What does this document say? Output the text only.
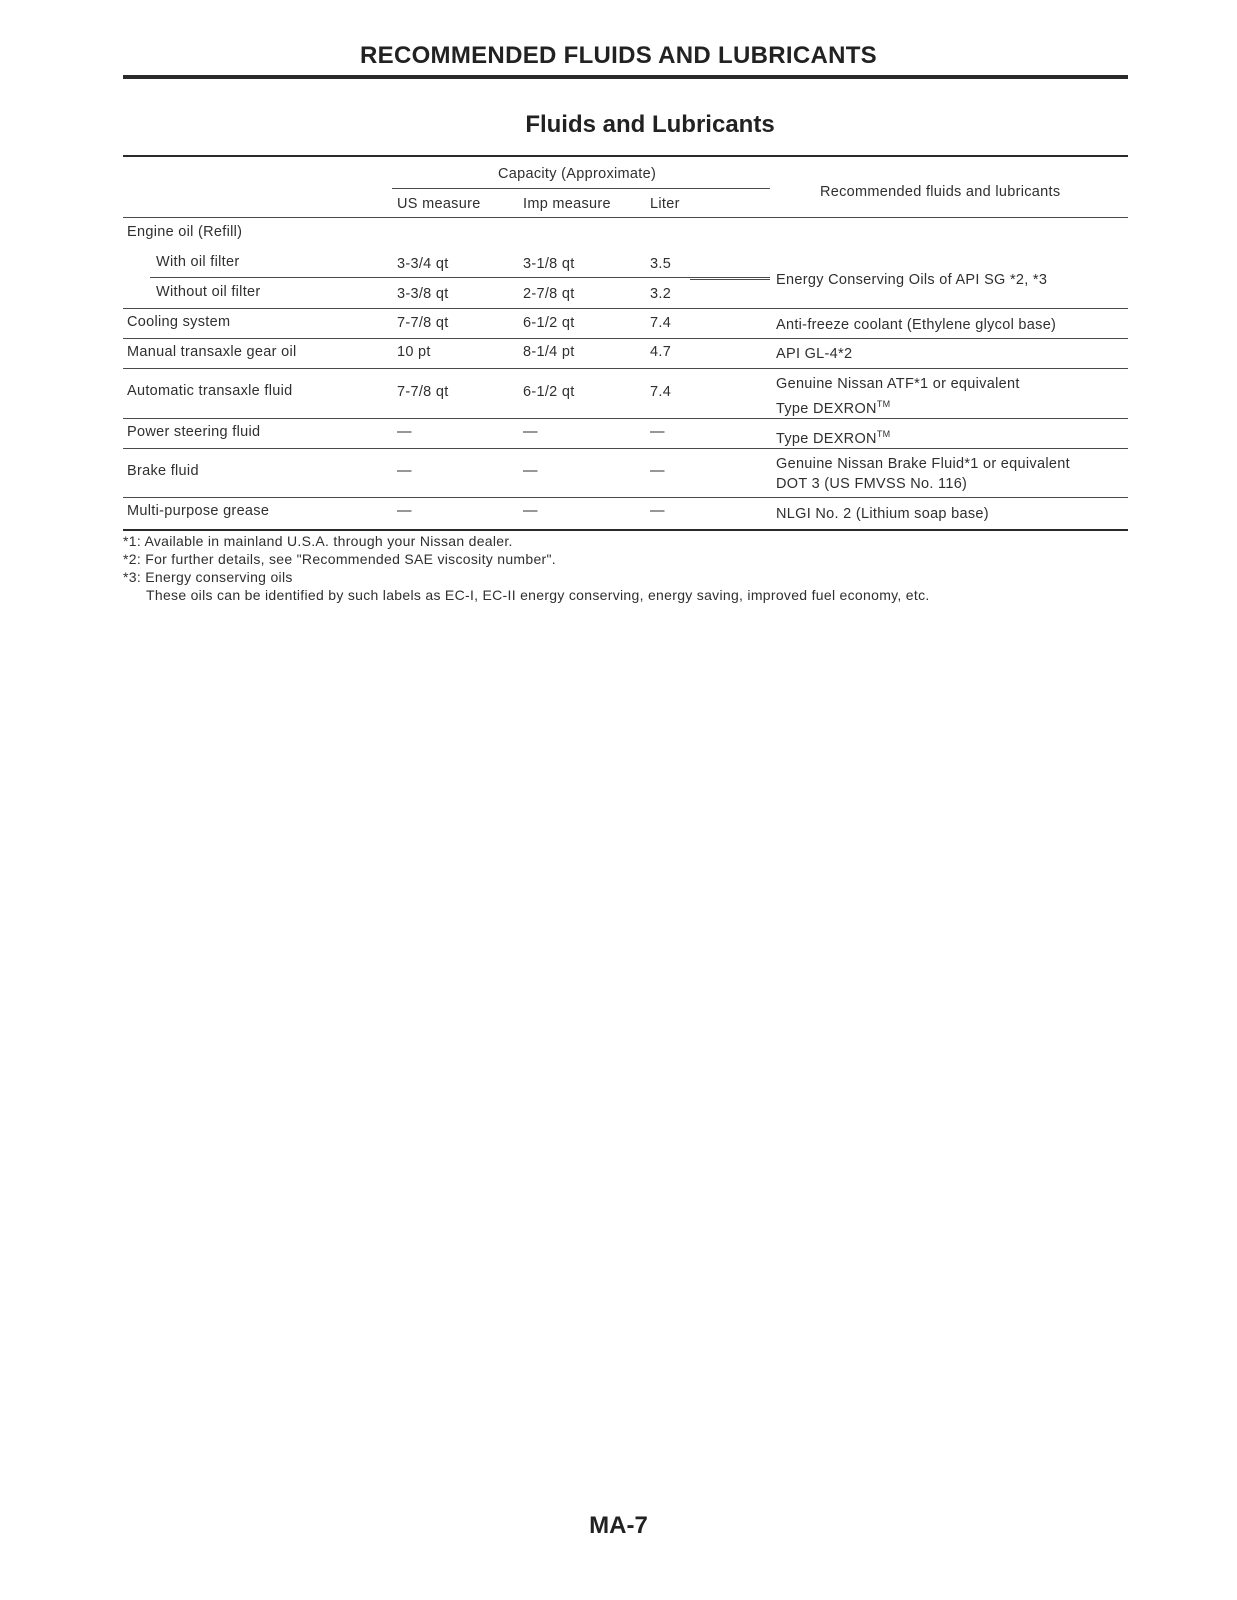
RECOMMENDED FLUIDS AND LUBRICANTS
Fluids and Lubricants
Capacity (Approximate)
US measure	Imp measure	Liter
Recommended fluids and lubricants
Engine oil (Refill)
With oil filter	3-3/4 qt	3-1/8 qt	3.5
Without oil filter	3-3/8 qt	2-7/8 qt	3.2
Energy Conserving Oils of API SG *2, *3
Cooling system	7-7/8 qt	6-1/2 qt	7.4	Anti-freeze coolant (Ethylene glycol base)
Manual transaxle gear oil	10 pt	8-1/4 pt	4.7	API GL-4*2
Automatic transaxle fluid	7-7/8 qt	6-1/2 qt	7.4	Genuine Nissan ATF*1 or equivalent
Type DEXRON™
Power steering fluid	—	—	—	Type DEXRON™
Brake fluid	—	—	—	Genuine Nissan Brake Fluid*1 or equivalent
DOT 3 (US FMVSS No. 116)
Multi-purpose grease	—	—	—	NLGI No. 2 (Lithium soap base)
*1: Available in mainland U.S.A. through your Nissan dealer.
*2: For further details, see "Recommended SAE viscosity number".
*3: Energy conserving oils
These oils can be identified by such labels as EC-I, EC-II energy conserving, energy saving, improved fuel economy, etc.
MA-7
